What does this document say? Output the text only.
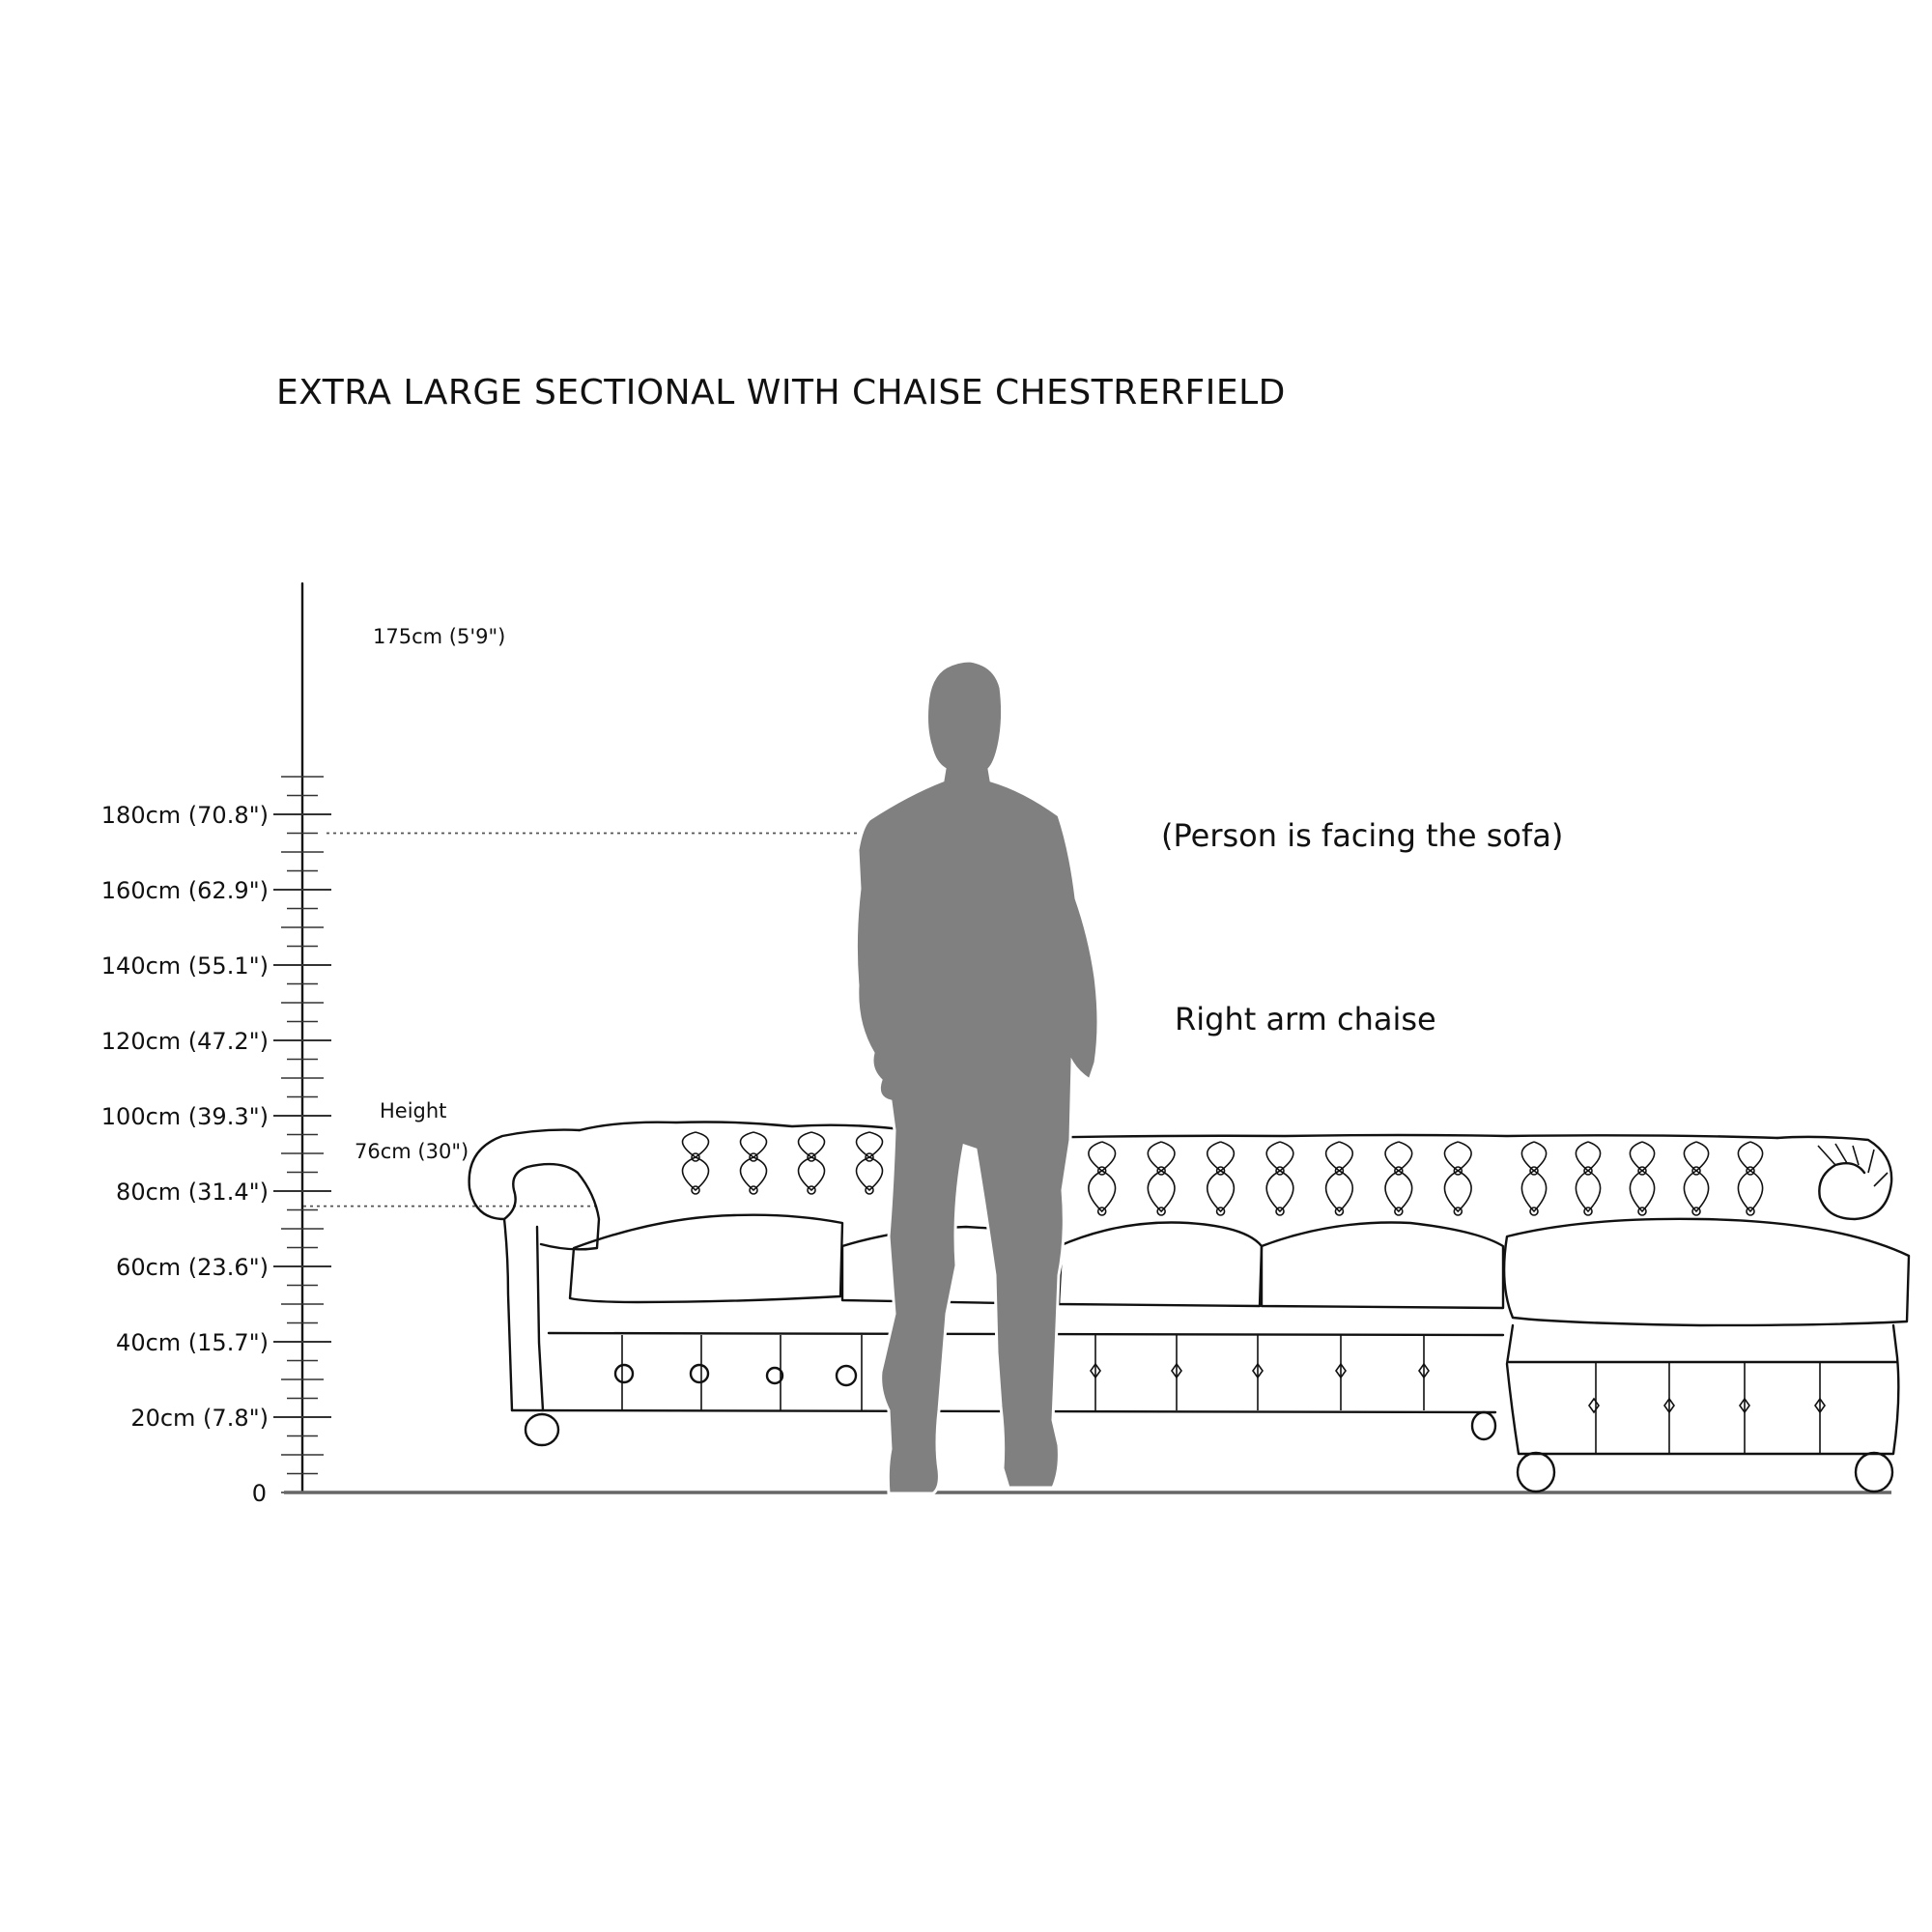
EXTRA LARGE SECTIONAL WITH CHAISE CHESTRERFIELD
(Person is facing the sofa)
Right arm chaise
180cm (70.8")
160cm (62.9")
140cm (55.1")
120cm (47.2")
100cm (39.3")
80cm (31.4")
60cm (23.6")
40cm (15.7")
20cm (7.8")
0
175cm (5'9")
Height
76cm (30")
